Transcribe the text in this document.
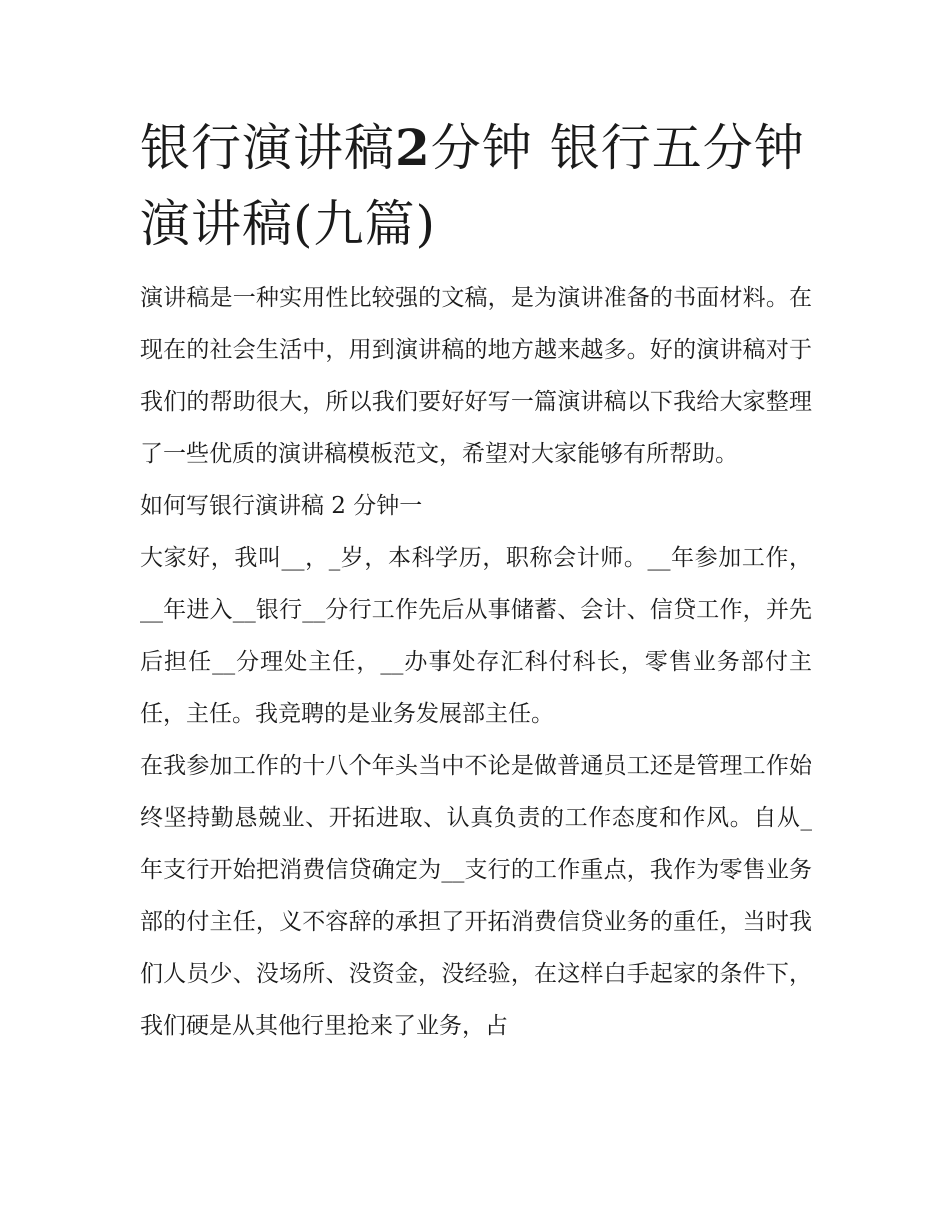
银行演讲稿2分钟 银行五分钟演讲稿(九篇)

演讲稿是一种实用性比较强的文稿，是为演讲准备的书面材料。在现在的社会生活中，用到演讲稿的地方越来越多。好的演讲稿对于我们的帮助很大，所以我们要好好写一篇演讲稿以下我给大家整理了一些优质的演讲稿模板范文，希望对大家能够有所帮助。

如何写银行演讲稿 2 分钟一

大家好，我叫__，_岁，本科学历，职称会计师。__年参加工作，__年进入__银行__分行工作先后从事储蓄、会计、信贷工作，并先后担任__分理处主任，__办事处存汇科付科长，零售业务部付主任，主任。我竞聘的是业务发展部主任。

在我参加工作的十八个年头当中不论是做普通员工还是管理工作始终坚持勤恳兢业、开拓进取、认真负责的工作态度和作风。自从_年支行开始把消费信贷确定为__支行的工作重点，我作为零售业务部的付主任，义不容辞的承担了开拓消费信贷业务的重任，当时我们人员少、没场所、没资金，没经验，在这样白手起家的条件下，我们硬是从其他行里抢来了业务，占
